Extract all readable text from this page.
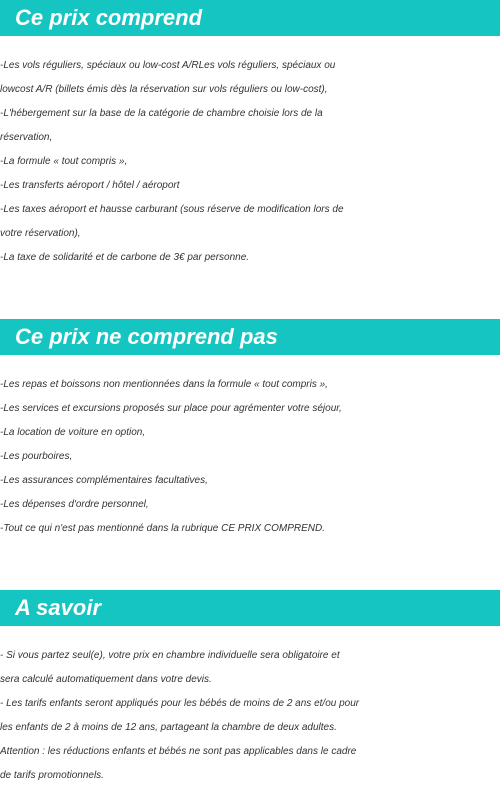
Ce prix comprend
-Les vols réguliers, spéciaux ou low-cost A/RLes vols réguliers, spéciaux ou
lowcost A/R (billets émis dès la réservation sur vols réguliers ou low-cost),
-L'hébergement sur la base de la catégorie de chambre choisie lors de la
réservation,
-La formule « tout compris »,
-Les transferts aéroport / hôtel / aéroport
-Les taxes aéroport et hausse carburant (sous réserve de modification lors de
votre réservation),
-La taxe de solidarité et de carbone de 3€ par personne.
Ce prix ne comprend pas
-Les repas et boissons non mentionnées dans la formule « tout compris »,
-Les services et excursions proposés sur place pour agrémenter votre séjour,
-La location de voiture en option,
-Les pourboires,
-Les assurances complémentaires facultatives,
-Les dépenses d'ordre personnel,
-Tout ce qui n'est pas mentionné dans la rubrique CE PRIX COMPREND.
A savoir
- Si vous partez seul(e), votre prix en chambre individuelle sera obligatoire et
sera calculé automatiquement dans votre devis.
- Les tarifs enfants seront appliqués pour les bébés de moins de 2 ans et/ou pour
les enfants de 2 à moins de 12 ans, partageant la chambre de deux adultes.
Attention : les réductions enfants et bébés ne sont pas applicables dans le cadre
de tarifs promotionnels.
